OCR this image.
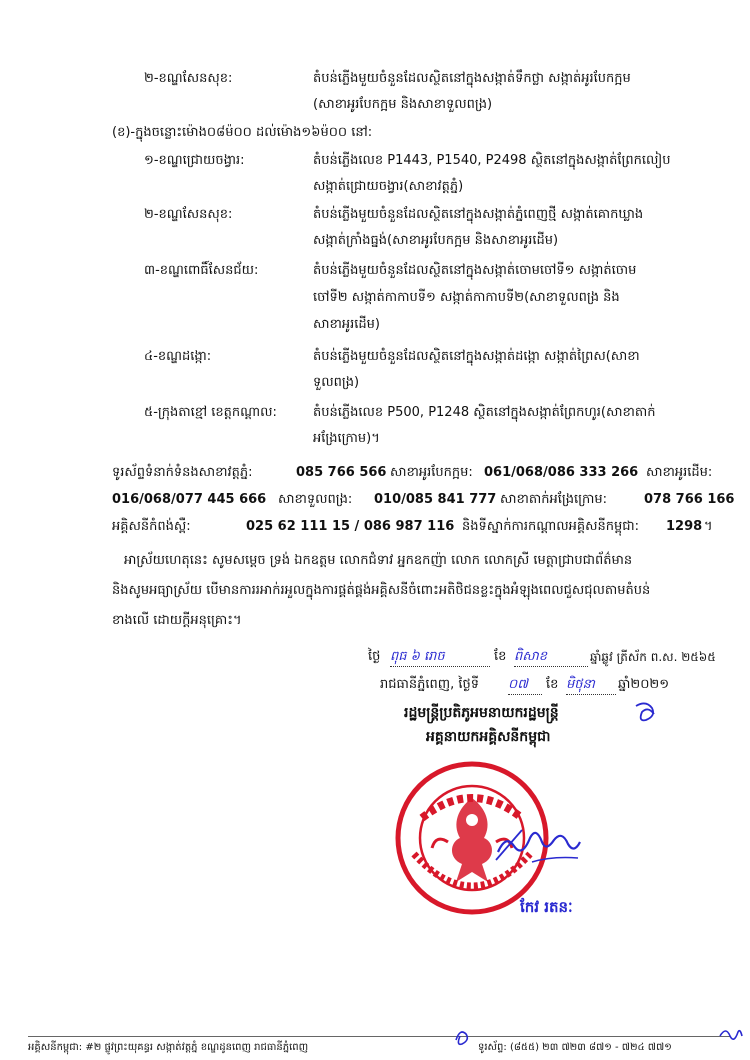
២-ខណ្ឌសែនសុខ:	តំបន់ភ្លើងមួយចំនួនដែលស្ថិតនៅក្នុងសង្កាត់ទឹកថ្លា សង្កាត់អូរបែកក្អម
(សាខាអូរបែកក្អម និងសាខាទួលពង្រ)
(ខ)-ក្នុងចន្លោះម៉ោង០៨ម៉០០ ដល់ម៉ោង១៦ម៉០០ នៅ:
១-ខណ្ឌជ្រោយចង្វារ:	តំបន់ភ្លើងលេខ P1443, P1540, P2498 ស្ថិតនៅក្នុងសង្កាត់ព្រែកលៀប
សង្កាត់ជ្រោយចង្វារ(សាខាវត្តភ្នំ)
២-ខណ្ឌសែនសុខ:	តំបន់ភ្លើងមួយចំនួនដែលស្ថិតនៅក្នុងសង្កាត់ភ្នំពេញថ្មី សង្កាត់គោកឃ្លាង
សង្កាត់ក្រាំងធ្នង់(សាខាអូរបែកក្អម និងសាខាអូរដើម)
៣-ខណ្ឌពោធិ៍សែនជ័យ:	តំបន់ភ្លើងមួយចំនួនដែលស្ថិតនៅក្នុងសង្កាត់ចោមចៅទី១ សង្កាត់ចោម
ចៅទី២ សង្កាត់កាកាបទី១ សង្កាត់កាកាបទី២(សាខាទួលពង្រ និង
សាខាអូរដើម)
៤-ខណ្ឌដង្កោ:	តំបន់ភ្លើងមួយចំនួនដែលស្ថិតនៅក្នុងសង្កាត់ដង្កោ សង្កាត់ព្រៃស(សាខា
ទួលពង្រ)
៥-ក្រុងតាខ្មៅ ខេត្តកណ្តាល:	តំបន់ភ្លើងលេខ P500, P1248 ស្ថិតនៅក្នុងសង្កាត់ព្រែកហូរ(សាខាតាក់
អង្រែក្រោម)។
ទូរស័ព្ទទំនាក់ទំនងសាខាវត្តភ្នំ:	085 766 566 សាខាអូរបែកក្អម: 061/068/086 333 266 សាខាអូរដើម:
016/068/077 445 666 សាខាទួលពង្រ: 010/085 841 777 សាខាតាក់អង្រែក្រោម:	078 766 166
អគ្គិសនីកំពង់ស្ពឺ:	025 62 111 15 / 086 987 116 និងទីស្នាក់ការកណ្តាលអគ្គិសនីកម្ពុជា: 1298 ។
អាស្រ័យហេតុនេះ សូមសម្តេច ទ្រង់ ឯកឧត្តម លោកជំទាវ អ្នកឧកញ៉ា លោក លោកស្រី មេត្តាជ្រាបជាព័ត៌មាន
និងសូមអធ្យាស្រ័យ បើមានការរអាក់រអួលក្នុងការផ្គត់ផ្គង់អគ្គិសនីចំពោះអតិថិជនខ្លះក្នុងអំឡុងពេលជួសជុលតាមតំបន់
ខាងលើ ដោយក្តីអនុគ្រោះ។
ថ្ងៃ ពុធ ៦ រោច	ខែ ពិសាខ	ឆ្នាំឆ្លូវ ត្រីស័ក ព.ស. ២៥៦៥
រាជធានីភ្នំពេញ, ថ្ងៃទី ០៧	ខែ មិថុនា	ឆ្នាំ២០២១
រដ្ឋមន្ត្រីប្រតិភូអមនាយករដ្ឋមន្ត្រី
អគ្គនាយកអគ្គិសនីកម្ពុជា
កែវ រតនៈ
អគ្គិសនីកម្ពុជា: #២ ផ្លូវព្រះយុគន្ធរ សង្កាត់វត្តភ្នំ ខណ្ឌដូនពេញ រាជធានីភ្នំពេញ	ទូរស័ព្ទ: (៨៥៥) ២៣ ៧២៣ ៨៧១ - ៧២៤ ៧៧១
